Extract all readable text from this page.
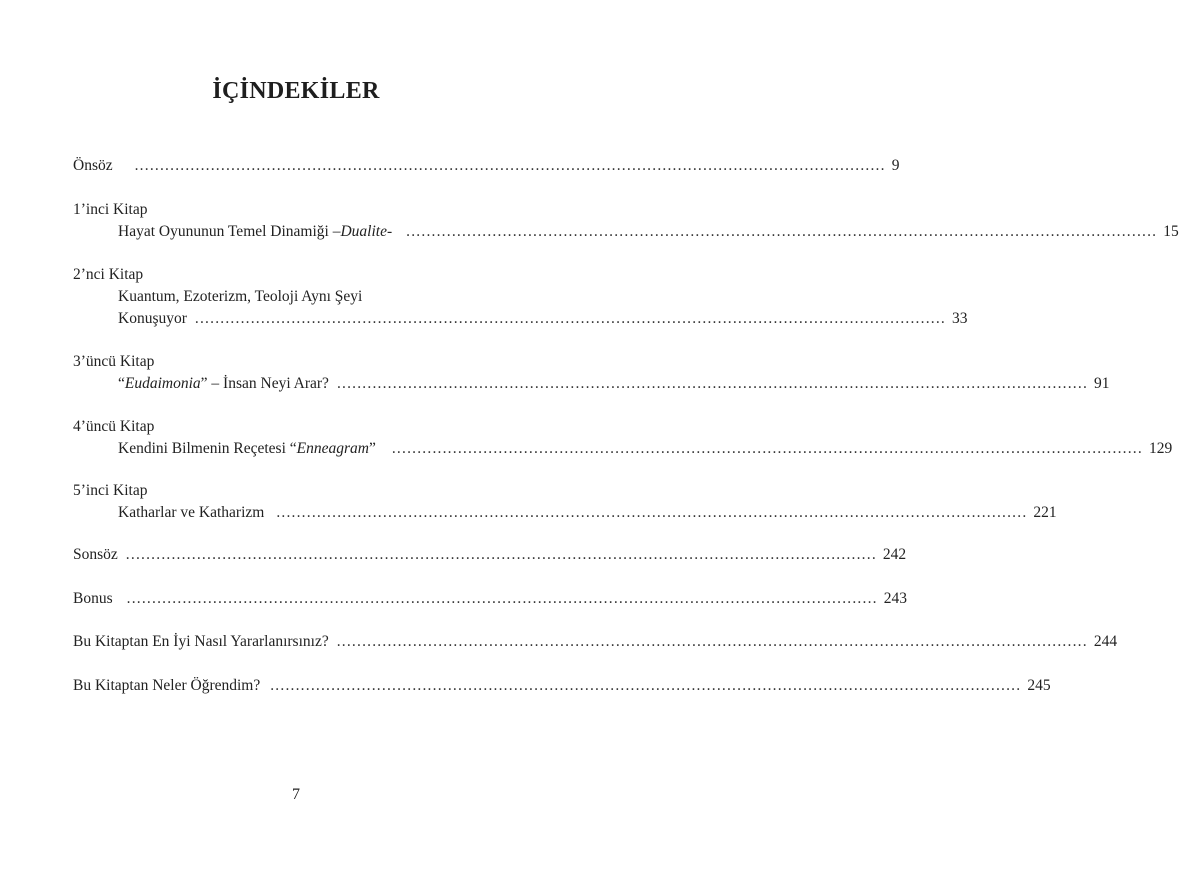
İÇİNDEKİLER
Önsöz .................................................................................................................................................... 9
1’inci Kitap
Hayat Oyununun Temel Dinamiği –Dualite- .................................................................................................................................................... 15
2’nci Kitap
Kuantum, Ezoterizm, Teoloji Aynı Şeyi
Konuşuyor .................................................................................................................................................... 33
3’üncü Kitap
“Eudaimonia” – İnsan Neyi Arar? .................................................................................................................................................... 91
4’üncü Kitap
Kendini Bilmenin Reçetesi “Enneagram” .................................................................................................................................................... 129
5’inci Kitap
Katharlar ve Katharizm .................................................................................................................................................... 221
Sonsöz .................................................................................................................................................... 242
Bonus .................................................................................................................................................... 243
Bu Kitaptan En İyi Nasıl Yararlanırsınız? .................................................................................................................................................... 244
Bu Kitaptan Neler Öğrendim? .................................................................................................................................................... 245
7
